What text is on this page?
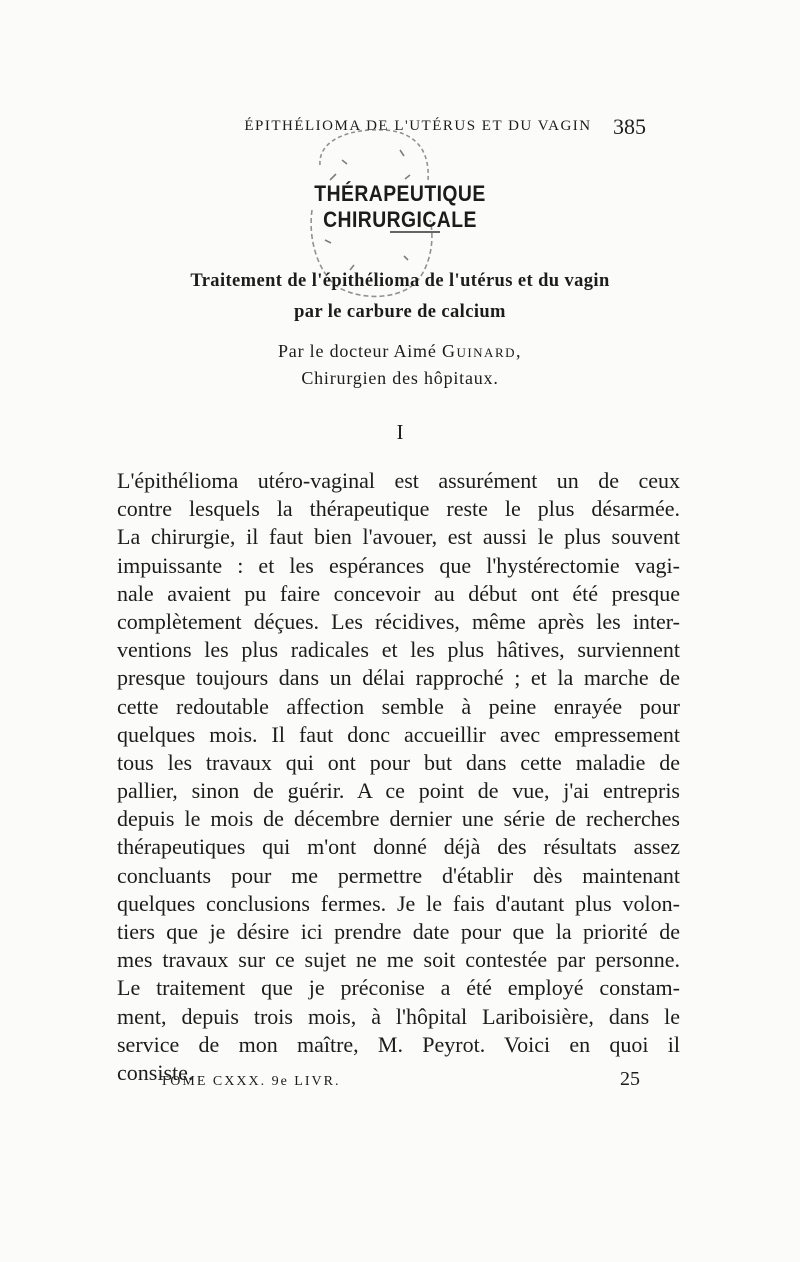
ÉPITHÉLIOMA DE L'UTÉRUS ET DU VAGIN 385
THÉRAPEUTIQUE CHIRURGICALE
Traitement de l'épithélioma de l'utérus et du vagin
par le carbure de calcium
Par le docteur Aimé Guinard,
Chirurgien des hôpitaux.
I
L'épithélioma utéro-vaginal est assurément un de ceux
contre lesquels la thérapeutique reste le plus désarmée.
La chirurgie, il faut bien l'avouer, est aussi le plus souvent
impuissante : et les espérances que l'hystérectomie vagi-
nale avaient pu faire concevoir au début ont été presque
complètement déçues. Les récidives, même après les inter-
ventions les plus radicales et les plus hâtives, surviennent
presque toujours dans un délai rapproché ; et la marche de
cette redoutable affection semble à peine enrayée pour
quelques mois. Il faut donc accueillir avec empressement
tous les travaux qui ont pour but dans cette maladie de
pallier, sinon de guérir. A ce point de vue, j'ai entrepris
depuis le mois de décembre dernier une série de recherches
thérapeutiques qui m'ont donné déjà des résultats assez
concluants pour me permettre d'établir dès maintenant
quelques conclusions fermes. Je le fais d'autant plus volon-
tiers que je désire ici prendre date pour que la priorité de
mes travaux sur ce sujet ne me soit contestée par personne.
Le traitement que je préconise a été employé constam-
ment, depuis trois mois, à l'hôpital Lariboisière, dans le
service de mon maître, M. Peyrot. Voici en quoi il
consiste.
TOME CXXX. 9e LIVR.	25
